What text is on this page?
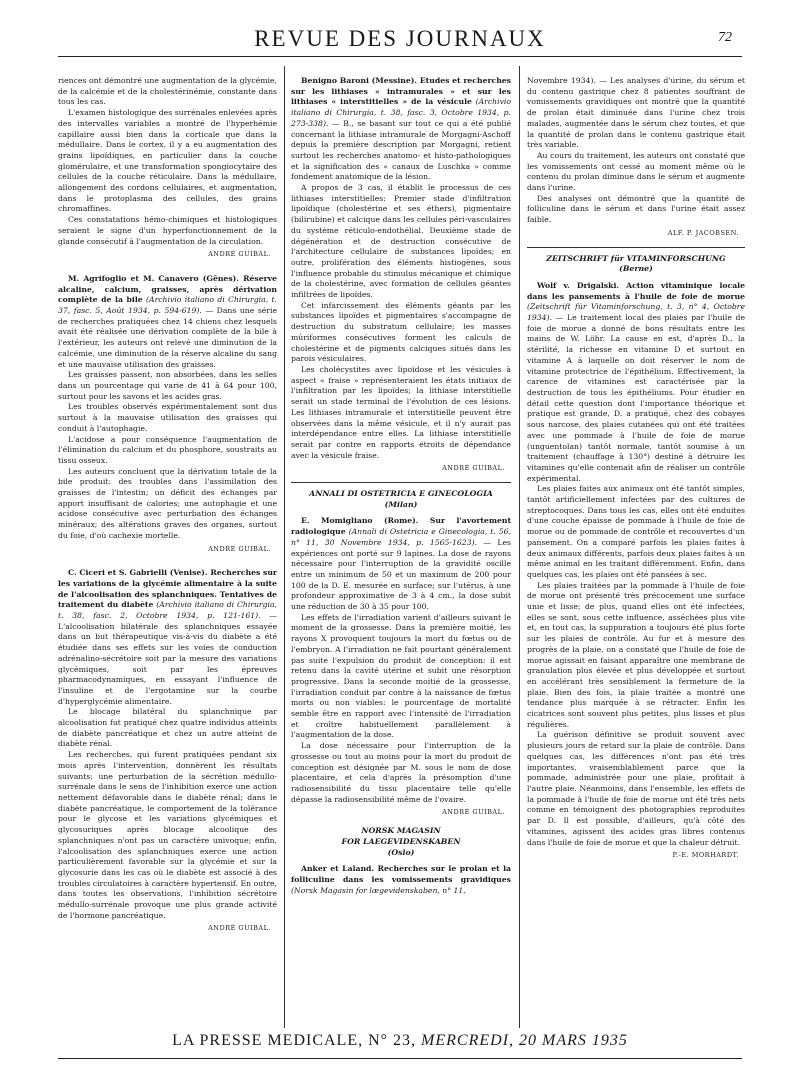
REVUE DES JOURNAUX	72

riences ont démontré une augmentation de la glycémie, de la calcémie et de la cholestérinémie, constante dans tous les cas.

L'examen histologique des surrénales enlevées après des intervalles variables a montré de l'hyperhémie capillaire aussi bien dans la corticale que dans la médullaire. Dans le cortex, il y a eu augmentation des grains lipoïdiques, en particulier dans la couche glomérulaire, et une transformation spongiocytaire des cellules de la couche réticulaire. Dans la médullaire, allongement des cordons cellulaires, et augmentation, dans le protoplasma des cellules, des grains chromaffines.

Ces constatations hémo-chimiques et histologiques seraient le signe d'un hyperfonctionnement de la glande consécutif à l'augmentation de la circulation.

ANDRÉ GUIBAL.

M. Agrifoglio et M. Canavero (Gênes). Réserve alcaline, calcium, graisses, après dérivation complète de la bile (Archivio italiano di Chirurgia, t. 37, fasc. 5, Août 1934, p. 594-619). — Dans une série de recherches pratiquées chez 14 chiens chez lesquels avait été réalisée une dérivation complète de la bile à l'extérieur, les auteurs ont relevé une diminution de la calcémie, une diminution de la réserve alcaline du sang et une mauvaise utilisation des graisses.

Les graisses passent, non absorbées, dans les selles dans un pourcentage qui varie de 41 à 64 pour 100, surtout pour les savons et les acides gras.

Les troubles observés expérimentalement sont dus surtout à la mauvaise utilisation des graisses qui conduit à l'autophagie.

L'acidose a pour conséquence l'augmentation de l'élimination du calcium et du phosphore, soustraits au tissu osseux.

Les auteurs concluent que la dérivation totale de la bile produit: des troubles dans l'assimilation des graisses de l'intestin; un déficit des échanges par apport insuffisant de calories; une autophagie et une acidose consécutive avec perturbation des échanges minéraux; des altérations graves des organes, surtout du foie, d'où cachexie mortelle.

ANDRÉ GUIBAL.

C. Ciceri et S. Gabrielli (Venise). Recherches sur les variations de la glycémie alimentaire à la suite de l'alcoolisation des splanchniques. Tentatives de traitement du diabète (Archivio italiano di Chirurgia, t. 38, fasc. 2, Octobre 1934, p. 121-161). — L'alcoolisation bilatérale des splanchniques essayée dans un but thérapeutique vis-à-vis du diabète a été étudiée dans ses effets sur les voies de conduction adrénalino-sécrétoire soit par la mesure des variations glycémiques, soit par les épreuves pharmacodynamiques, en essayant l'influence de l'insuline et de l'ergotamine sur la courbe d'hyperglycémie alimentaire.

Le blocage bilatéral du splanchnique par alcoolisation fut pratiqué chez quatre individus atteints de diabète pancréatique et chez un autre atteint de diabète rénal.

Les recherches, qui furent pratiquées pendant six mois après l'intervention, donnèrent les résultats suivants: une perturbation de la sécrétion médullo-surrénale dans le sens de l'inhibition exerce une action nettement défavorable dans le diabète rénal; dans le diabète pancréatique, le comportement de la tolérance pour le glycose et les variations glycémiques et glycosuriques après blocage alcoolique des splanchniques n'ont pas un caractère univoque; enfin, l'alcoolisation des splanchniques exerce une action particulièrement favorable sur la glycémie et sur la glycosurie dans les cas où le diabète est associé à des troubles circulatoires à caractère hypertensif. En outre, dans toutes les observations, l'inhibition sécrétoire médullo-surrénale provoque une plus grande activité de l'hormone pancréatique.

ANDRÉ GUIBAL.

Benigno Baroni (Messine). Etudes et recherches sur les lithiases « intramurales » et sur les lithiases « interstitielles » de la vésicule (Archivio italiano di Chirurgia, t. 38, fasc. 3, Octobre 1934, p. 273-338). — B., se basant sur tout ce qui a été publié concernant la lithiase intramurale de Morgagni-Aschoff depuis la première description par Morgagni, retient surtout les recherches anatomo- et histo-pathologiques et la signification des « canaux de Luschka » comme fondement anatomique de la lésion.

A propos de 3 cas, il établit le processus de ces lithiases interstitielles: Premier stade d'infiltration lipoïdique (cholestérine et ses éthers), pigmentaire (bilirubine) et calcique dans les cellules péri-vasculaires du système réticulo-endothélial. Deuxième stade de dégénération et de destruction consécutive de l'architecture cellulaire de substances lipoïdes; en outre, prolifération des éléments histiogènes, sous l'influence probable du stimulus mécanique et chimique de la cholestérine, avec formation de cellules géantes infiltrées de lipoïdes.

Cet infarcissement des éléments géants par les substances lipoïdes et pigmentaires s'accompagne de destruction du substratum cellulaire; les masses mûriformes consécutives forment les calculs de cholestérine et de pigments calciques situés dans les parois vésiculaires.

Les cholécystites avec lipoïdose et les vésicules à aspect « fraise » représenteraient les états initiaux de l'infiltration par les lipoïdes; la lithiase interstitielle serait un stade terminal de l'évolution de ces lésions. Les lithiases intramurale et interstitielle peuvent être observées dans la même vésicule, et il n'y aurait pas interdépendance entre elles. La lithiase interstitielle serait par contre en rapports étroits de dépendance avec la vésicule fraise.

ANDRÉ GUIBAL.

ANNALI DI OSTETRICIA E GINECOLOGIA

(Milan)

E. Momigliano (Rome). Sur l'avortement radiologique (Annali di Ostetricia e Ginecologia, t. 56, n° 11, 30 Novembre 1934, p. 1565-1623). — Les expériences ont porté sur 9 lapines. La dose de rayons nécessaire pour l'interruption de la gravidité oscille entre un minimum de 50 et un maximum de 200 pour 100 de la D. E. mesurée en surface; sur l'utérus, à une profondeur approximative de 3 à 4 cm., la dose subit une réduction de 30 à 35 pour 100.

Les effets de l'irradiation varient d'ailleurs suivant le moment de la grossesse. Dans la première moitié, les rayons X provoquent toujours la mort du fœtus ou de l'embryon. A l'irradiation ne fait pourtant généralement pas suite l'expulsion du produit de conception: il est retenu dans la cavité utérine et subit une résorption progressive. Dans la seconde moitié de la grossesse, l'irradiation conduit par contre à la naissance de fœtus morts ou non viables: le pourcentage de mortalité semble être en rapport avec l'intensité de l'irradiation et croître habituellement parallèlement à l'augmentation de la dose.

La dose nécessaire pour l'interruption de la grossesse ou tout au moins pour la mort du produit de conception est désignée par M. sous le nom de dose placentaire, et cela d'après la présomption d'une radiosensibilité du tissu placentaire telle qu'elle dépasse la radiosensibilité même de l'ovaire.

ANDRÉ GUIBAL.

NORSK MAGASIN

FOR LAEGEVIDENSKABEN

(Oslo)

Anker et Laland. Recherches sur le prolan et la folliculine dans les vomissements gravidiques (Norsk Magasin for lægevidenskaben, n° 11,

Novembre 1934). — Les analyses d'urine, du sérum et du contenu gastrique chez 8 patientes souffrant de vomissements gravidiques ont montré que la quantité de prolan était diminuée dans l'urine chez trois malades, augmentée dans le sérum chez toutes, et que la quantité de prolan dans le contenu gastrique était très variable.

Au cours du traitement, les auteurs ont constaté que les vomissements ont cessé au moment même où le contenu du prolan diminue dans le sérum et augmente dans l'urine.

Des analyses ont démontré que la quantité de folliculine dans le sérum et dans l'urine était assez faible.

ALF. P. JACOBSEN.

ZEITSCHRIFT für VITAMINFORSCHUNG

(Berne)

Wolf v. Drigalski. Action vitaminique locale dans les pansements à l'huile de foie de morue (Zeitschrift für Vitaminforschung, t. 3, n° 4, Octobre 1934). — Le traitement local des plaies par l'huile de foie de morue a donné de bons résultats entre les mains de W. Löhr. La cause en est, d'après D., la stérilité, la richesse en vitamine D et surtout en vitamine A à laquelle on doit réserver le nom de vitamine protectrice de l'épithélium. Effectivement, la carence de vitamines est caractérisée par la destruction de tous les épithéliums. Pour étudier en détail cette question dont l'importance théorique et pratique est grande, D. a pratiqué, chez des cobayes sous narcose, des plaies cutanées qui ont été traitées avec une pommade à l'huile de foie de morue (unguentolan) tantôt normale, tantôt soumise à un traitement (chauffage à 130°) destiné à détruire les vitamines qu'elle contenait afin de réaliser un contrôle expérimental.

Les plaies faites aux animaux ont été tantôt simples, tantôt artificiellement infectées par des cultures de streptocoques. Dans tous les cas, elles ont été enduites d'une couche épaisse de pommade à l'huile de foie de morue ou de pommade de contrôle et recouvertes d'un pansement. On a comparé parfois les plaies faites à deux animaux différents, parfois deux plaies faites à un même animal en les traitant différemment. Enfin, dans quelques cas, les plaies ont été pansées à sec.

Les plaies traitées par la pommade à l'huile de foie de morue ont présenté très précocement une surface unie et lisse; de plus, quand elles ont été infectées, elles se sont, sous cette influence, asséchées plus vite et, en tout cas, la suppuration a toujours été plus forte sur les plaies de contrôle. Au fur et à mesure des progrès de la plaie, on a constaté que l'huile de foie de morue agissait en faisant apparaître une membrane de granulation plus élevée et plus développée et surtout en accélérant très sensiblement la fermeture de la plaie. Bien des fois, la plaie traitée a montré une tendance plus marquée à se rétracter. Enfin les cicatrices sont souvent plus petites, plus lisses et plus régulières.

La guérison définitive se produit souvent avec plusieurs jours de retard sur la plaie de contrôle. Dans quelques cas, les différences n'ont pas été très importantes, vraisemblablement parce que la pommade, administrée pour une plaie, profitait à l'autre plaie. Néanmoins, dans l'ensemble, les effets de la pommade à l'huile de foie de morue ont été très nets comme en témoignent des photographies reproduites par D. Il est possible, d'ailleurs, qu'à côté des vitamines, agissent des acides gras libres contenus dans l'huile de foie de morue et que la chaleur détruit.

P.-E. MORHARDT.

LA PRESSE MEDICALE, N° 23, MERCREDI, 20 MARS 1935
